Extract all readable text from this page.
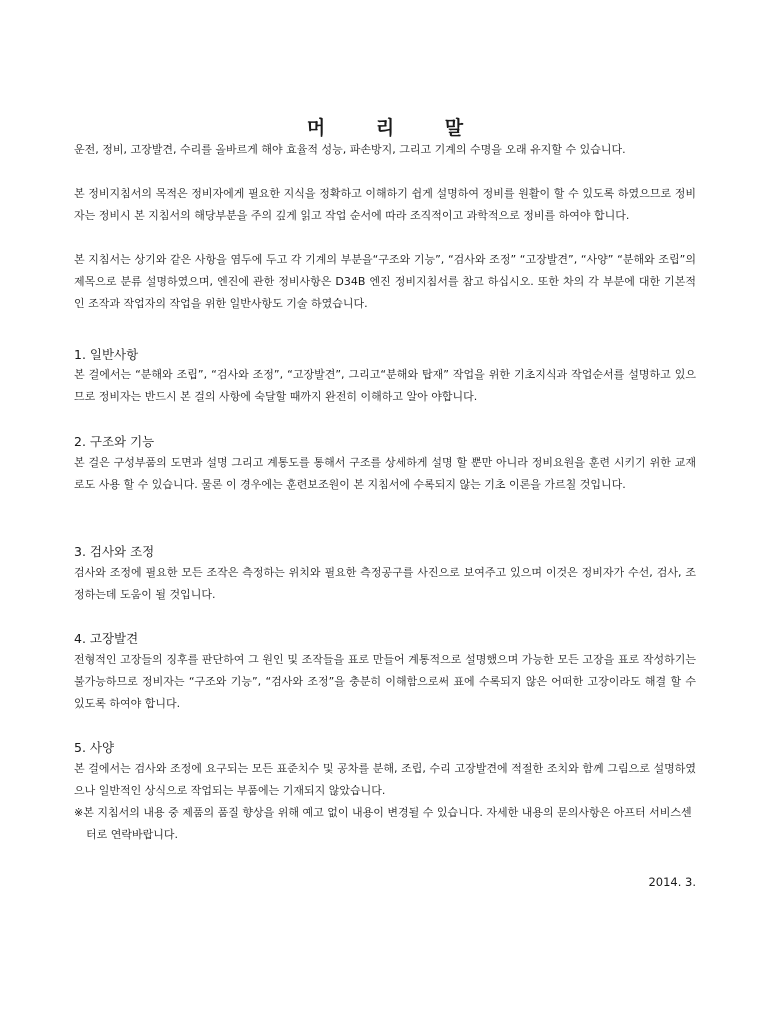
머 리 말

운전, 정비, 고장발견, 수리를 올바르게 해야 효율적 성능, 파손방지, 그리고 기계의 수명을 오래 유지할 수 있습니다.

본 정비지침서의 목적은 정비자에게 필요한 지식을 정확하고 이해하기 쉽게 설명하여 정비를 원활이 할 수 있도록 하였으므로 정비자는 정비시 본 지침서의 해당부분을 주의 깊게 읽고 작업 순서에 따라 조직적이고 과학적으로 정비를 하여야 합니다.

본 지침서는 상기와 같은 사항을 염두에 두고 각 기계의 부분을“구조와 기능”, “검사와 조정” “고장발견”, “사양” “분해와 조립”의 제목으로 분류 설명하였으며, 엔진에 관한 정비사항은 D34B 엔진 정비지침서를 참고 하십시오. 또한 차의 각 부분에 대한 기본적인 조작과 작업자의 작업을 위한 일반사항도 기술 하였습니다.

1. 일반사항

본 걸에서는 “분해와 조립”, “검사와 조정”, “고장발견”, 그리고“분해와 탑재” 작업을 위한 기초지식과 작업순서를 설명하고 있으므로 정비자는 반드시 본 걸의 사항에 숙달할 때까지 완전히 이해하고 알아 야합니다.

2. 구조와 기능

본 걸은 구성부품의 도면과 설명 그리고 계통도를 통해서 구조를 상세하게 설명 할 뿐만 아니라 정비요원을 훈련 시키기 위한 교재로도 사용 할 수 있습니다. 물론 이 경우에는 훈련보조원이 본 지침서에 수록되지 않는 기초 이론을 가르칠 것입니다.

3. 검사와 조정

검사와 조정에 필요한 모든 조작은 측정하는 위치와 필요한 측정공구를 사진으로 보여주고 있으며 이것은 정비자가 수선, 검사, 조정하는데 도움이 될 것입니다.

4. 고장발견

전형적인 고장들의 징후를 판단하여 그 원인 및 조작들을 표로 만들어 계통적으로 설명했으며 가능한 모든 고장을 표로 작성하기는 불가능하므로 정비자는 “구조와 기능”, “검사와 조정”을 충분히 이해함으로써 표에 수록되지 않은 어떠한 고장이라도 해결 할 수 있도록 하여야 합니다.

5. 사양

본 걸에서는 검사와 조정에 요구되는 모든 표준치수 및 공차를 분해, 조립, 수리 고장발견에 적절한 조치와 함께 그림으로 설명하였으나 일반적인 상식으로 작업되는 부품에는 기재되지 않았습니다.

※본 지침서의 내용 중 제품의 품질 향상을 위해 예고 없이 내용이 변경될 수 있습니다. 자세한 내용의 문의사항은 아프터 서비스센터로 연락바랍니다.

2014. 3.
